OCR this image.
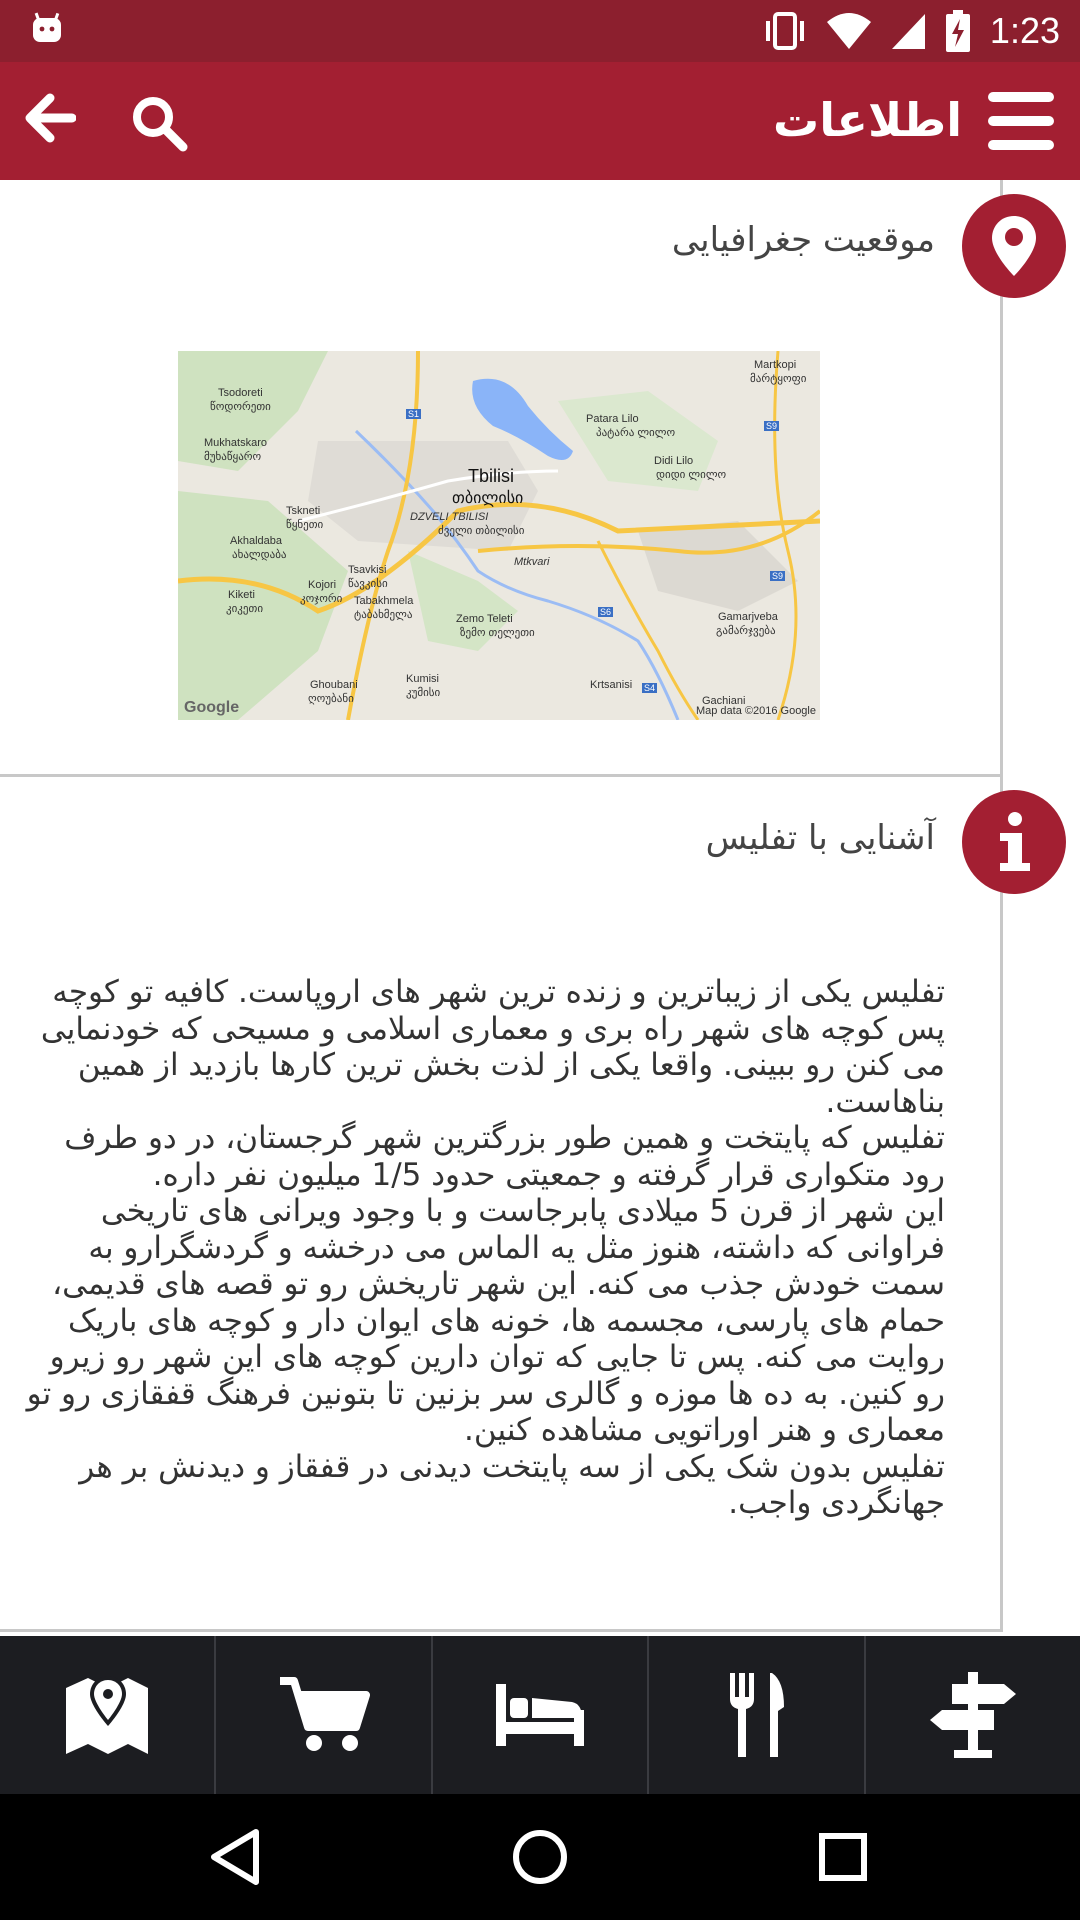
1:23
اطلاعات
موقعیت جغرافیایی
Tsodoreti
წოდორეთი
Mukhatskaro
მუხაწყარო
Tskneti
წყნეთი
Akhaldaba
ახალდაბა
Kiketi
კიკეთი
Kojori
კოჯორი
Tsavkisi
წავკისი
Tabakhmela
ტაბახმელა
Tbilisi
თბილისი
DZVELI TBILISI
ძველი თბილისი
Mtkvari
Zemo Teleti
ზემო თელეთი
Ghoubani
ღოუბანი
Kumisi
კუმისი
Krtsanisi
Patara Lilo
პატარა ლილო
Didi Lilo
დიდი ლილო
Martkopi
მარტყოფი
Gamarjveba
გამარჯვება
Gachiani
S1
S9
S9
S6
S4
Google	Map data ©2016 Google
آشنایی با تفلیس

تفلیس یکی از زیباترین و زنده ترین شهر های اروپاست. کافیه تو کوچه پس کوچه های شهر راه بری و معماری اسلامی و مسیحی که خودنمایی می کنن رو ببینی. واقعا یکی از لذت بخش ترین کارها بازدید از همین بناهاست.

تفلیس که پایتخت و همین طور بزرگترین شهر گرجستان، در دو طرف رود متکواری قرار گرفته و جمعیتی حدود 1/5 میلیون نفر داره.

این شهر از قرن 5 میلادی پابرجاست و با وجود ویرانی های تاریخی فراوانی که داشته، هنوز مثل یه الماس می درخشه و گردشگرارو به سمت خودش جذب می کنه. این شهر تاریخش رو تو قصه های قدیمی، حمام های پارسی، مجسمه ها، خونه های ایوان دار و کوچه های باریک روایت می کنه. پس تا جایی که توان دارین کوچه های این شهر رو زیرو رو کنین. به ده ها موزه و گالری سر بزنین تا بتونین فرهنگ قفقازی رو تو معماری و هنر اوراتویی مشاهده کنین.

تفلیس بدون شک یکی از سه پایتخت دیدنی در قفقاز و دیدنش بر هر جهانگردی واجب.
